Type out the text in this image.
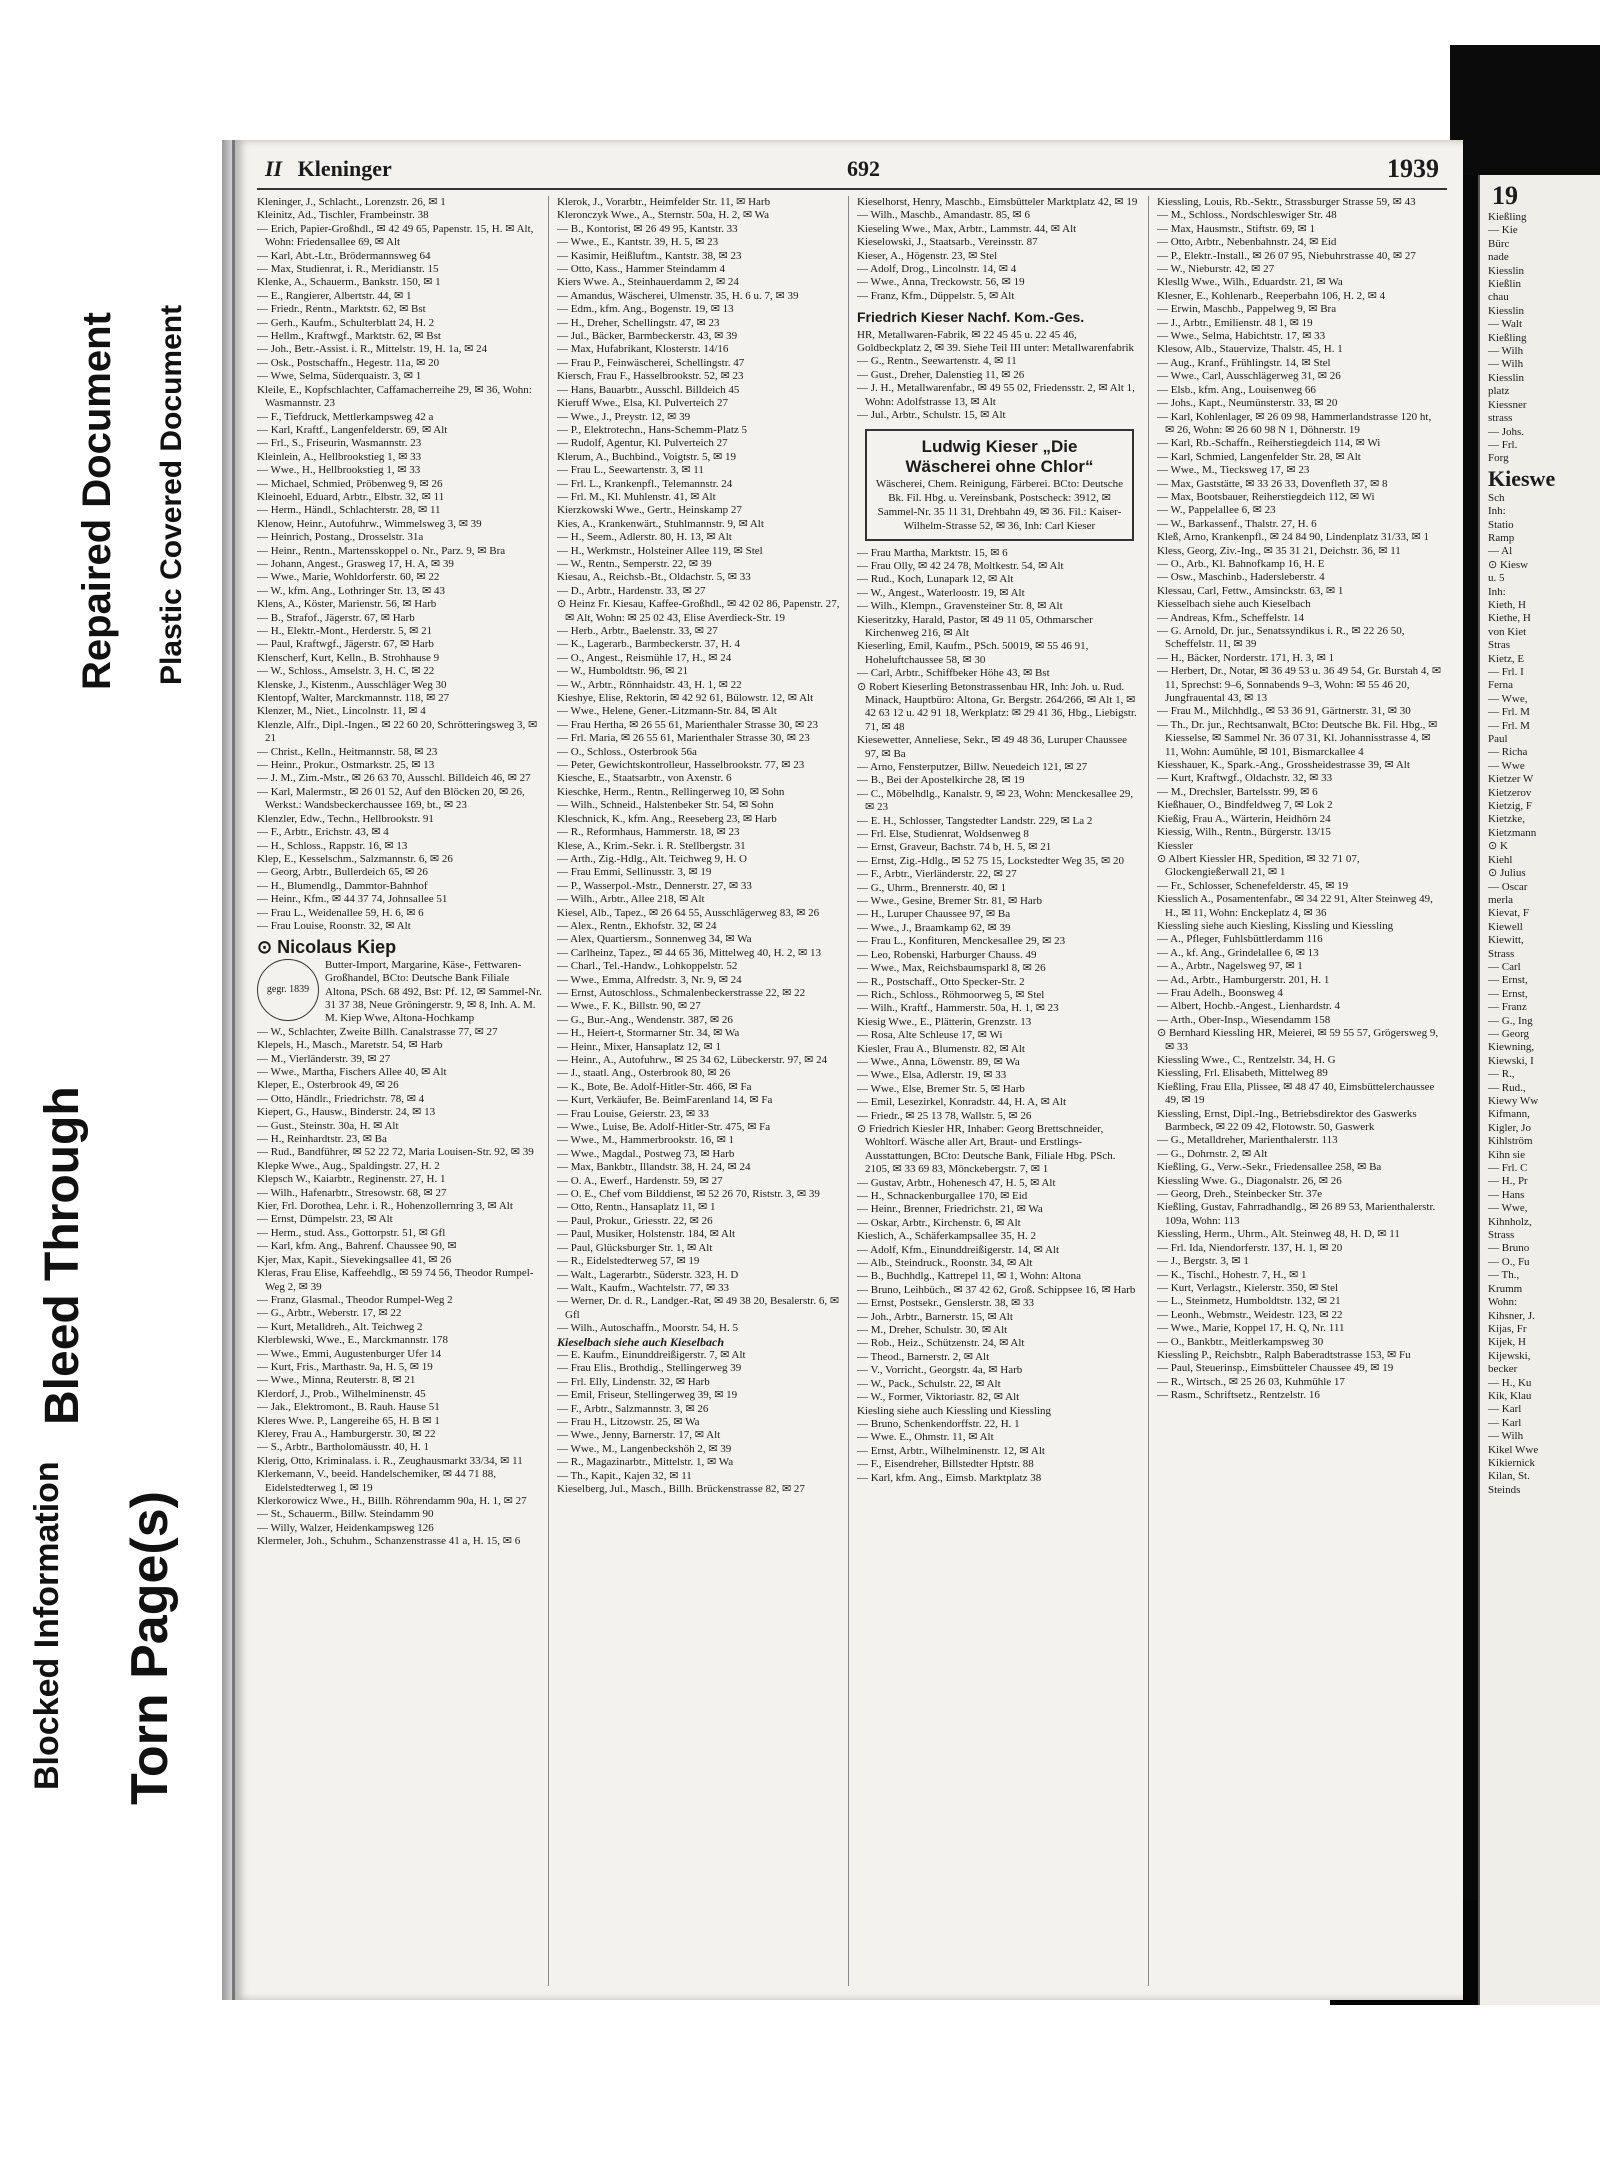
Blocked Information Torn Page(s)
Bleed Through
Repaired Document Plastic Covered Document
II Kleninger	692	1939
Kleninger, J., Schlacht., Lorenzstr. 26, ✉ 1
Kleinitz, Ad., Tischler, Frambeinstr. 38
— Erich, Papier-Großhdl., ✉ 42 49 65, Papenstr. 15, H. ✉ Alt, Wohn: Friedensallee 69, ✉ Alt
— Karl, Abt.-Ltr., Brödermannsweg 64
— Max, Studienrat, i. R., Meridianstr. 15
Klenke, A., Schauerm., Bankstr. 150, ✉ 1
— E., Rangierer, Albertstr. 44, ✉ 1
— Friedr., Rentn., Marktstr. 62, ✉ Bst
— Gerh., Kaufm., Schulterblatt 24, H. 2
— Hellm., Kraftwgf., Marktstr. 62, ✉ Bst
— Joh., Betr.-Assist. i. R., Mittelstr. 19, H. 1a, ✉ 24
— Osk., Postschaffn., Hegestr. 11a, ✉ 20
— Wwe, Selma, Süderquaistr. 3, ✉ 1
Kleile, E., Kopfschlachter, Caffamacherreihe 29, ✉ 36, Wohn: Wasmannstr. 23
— F., Tiefdruck, Mettlerkampsweg 42 a
— Karl, Kraftf., Langenfelderstr. 69, ✉ Alt
— Frl., S., Friseurin, Wasmannstr. 23
Kleinlein, A., Hellbrookstieg 1, ✉ 33
— Wwe., H., Hellbrookstieg 1, ✉ 33
— Michael, Schmied, Pröbenweg 9, ✉ 26
Kleinoehl, Eduard, Arbtr., Elbstr. 32, ✉ 11
— Herm., Händl., Schlachterstr. 28, ✉ 11
Klenow, Heinr., Autofuhrw., Wimmelsweg 3, ✉ 39
— Heinrich, Postang., Drosselstr. 31a
— Heinr., Rentn., Martensskoppel o. Nr., Parz. 9, ✉ Bra
— Johann, Angest., Grasweg 17, H. A, ✉ 39
— Wwe., Marie, Wohldorferstr. 60, ✉ 22
— W., kfm. Ang., Lothringer Str. 13, ✉ 43
Klens, A., Köster, Marienstr. 56, ✉ Harb
— B., Strafof., Jägerstr. 67, ✉ Harb
— H., Elektr.-Mont., Herderstr. 5, ✉ 21
— Paul, Kraftwgf., Jägerstr. 67, ✉ Harb
Klenscherf, Kurt, Kelln., B. Strohhause 9
— W., Schloss., Amselstr. 3, H. C, ✉ 22
Klenske, J., Kistenm., Ausschläger Weg 30
Klentopf, Walter, Marckmannstr. 118, ✉ 27
Klenzer, M., Niet., Lincolnstr. 11, ✉ 4
Klenzle, Alfr., Dipl.-Ingen., ✉ 22 60 20, Schrötteringsweg 3, ✉ 21
— Christ., Kelln., Heitmannstr. 58, ✉ 23
— Heinr., Prokur., Ostmarkstr. 25, ✉ 13
— J. M., Zim.-Mstr., ✉ 26 63 70, Ausschl. Billdeich 46, ✉ 27
— Karl, Malermstr., ✉ 26 01 52, Auf den Blöcken 20, ✉ 26, Werkst.: Wandsbeckerchaussee 169, bt., ✉ 23
Klenzler, Edw., Techn., Hellbrookstr. 91
— F., Arbtr., Erichstr. 43, ✉ 4
— H., Schloss., Rappstr. 16, ✉ 13
Klep, E., Kesselschm., Salzmannstr. 6, ✉ 26
— Georg, Arbtr., Bullerdeich 65, ✉ 26
— H., Blumendlg., Dammtor-Bahnhof
— Heinr., Kfm., ✉ 44 37 74, Johnsallee 51
— Frau L., Weidenallee 59, H. 6, ✉ 6
— Frau Louise, Roonstr. 32, ✉ Alt
⊙ Nicolaus Kiep
gegr. 1839
Butter-Import, Margarine, Käse-, Fettwaren-Großhandel, BCto: Deutsche Bank Filiale Altona, PSch. 68 492, Bst: Pf. 12, ✉ Sammel-Nr. 31 37 38, Neue Gröningerstr. 9, ✉ 8, Inh. A. M. M. Kiep Wwe, Altona-Hochkamp
— W., Schlachter, Zweite Billh. Canalstrasse 77, ✉ 27
Klepels, H., Masch., Maretstr. 54, ✉ Harb
— M., Vierländerstr. 39, ✉ 27
— Wwe., Martha, Fischers Allee 40, ✉ Alt
Kleper, E., Osterbrook 49, ✉ 26
— Otto, Händlr., Friedrichstr. 78, ✉ 4
Kiepert, G., Hausw., Binderstr. 24, ✉ 13
— Gust., Steinstr. 30a, H. ✉ Alt
— H., Reinhardtstr. 23, ✉ Ba
— Rud., Bandführer, ✉ 52 22 72, Maria Louisen-Str. 92, ✉ 39
Klepke Wwe., Aug., Spaldingstr. 27, H. 2
Klepsch W., Kaiarbtr., Reginenstr. 27, H. 1
— Wilh., Hafenarbtr., Stresowstr. 68, ✉ 27
Kier, Frl. Dorothea, Lehr. i. R., Hohenzollernring 3, ✉ Alt
— Ernst, Dümpelstr. 23, ✉ Alt
— Herm., stud. Ass., Gottorpstr. 51, ✉ Gfl
— Karl, kfm. Ang., Bahrenf. Chaussee 90, ✉
Kjer, Max, Kapit., Sievekingsallee 41, ✉ 26
Kleras, Frau Elise, Kaffeehdlg., ✉ 59 74 56, Theodor Rumpel-Weg 2, ✉ 39
— Franz, Glasmal., Theodor Rumpel-Weg 2
— G., Arbtr., Weberstr. 17, ✉ 22
— Kurt, Metalldreh., Alt. Teichweg 2
Klerblewski, Wwe., E., Marckmannstr. 178
— Wwe., Emmi, Augustenburger Ufer 14
— Kurt, Fris., Marthastr. 9a, H. 5, ✉ 19
— Wwe., Minna, Reuterstr. 8, ✉ 21
Klerdorf, J., Prob., Wilhelminenstr. 45
— Jak., Elektromont., B. Rauh. Hause 51
Kleres Wwe. P., Langereihe 65, H. B ✉ 1
Klerey, Frau A., Hamburgerstr. 30, ✉ 22
— S., Arbtr., Bartholomäusstr. 40, H. 1
Klerig, Otto, Kriminalass. i. R., Zeughausmarkt 33/34, ✉ 11
Klerkemann, V., beeid. Handelschemiker, ✉ 44 71 88, Eidelstedterweg 1, ✉ 19
Klerkorowicz Wwe., H., Billh. Röhrendamm 90a, H. 1, ✉ 27
— St., Schauerm., Billw. Steindamm 90
— Willy, Walzer, Heidenkampsweg 126
Klermeler, Joh., Schuhm., Schanzenstrasse 41 a, H. 15, ✉ 6
Klerok, J., Vorarbtr., Heimfelder Str. 11, ✉ Harb
Kleronczyk Wwe., A., Sternstr. 50a, H. 2, ✉ Wa
— B., Kontorist, ✉ 26 49 95, Kantstr. 33
— Wwe., E., Kantstr. 39, H. 5, ✉ 23
— Kasimir, Heißluftm., Kantstr. 38, ✉ 23
— Otto, Kass., Hammer Steindamm 4
Kiers Wwe. A., Steinhauerdamm 2, ✉ 24
— Amandus, Wäscherei, Ulmenstr. 35, H. 6 u. 7, ✉ 39
— Edm., kfm. Ang., Bogenstr. 19, ✉ 13
— H., Dreher, Schellingstr. 47, ✉ 23
— Jul., Bäcker, Barmbeckerstr. 43, ✉ 39
— Max, Hufabrikant, Klosterstr. 14/16
— Frau P., Feinwäscherei, Schellingstr. 47
Kiersch, Frau F., Hasselbrookstr. 52, ✉ 23
— Hans, Bauarbtr., Ausschl. Billdeich 45
Kieruff Wwe., Elsa, Kl. Pulverteich 27
— Wwe., J., Preystr. 12, ✉ 39
— P., Elektrotechn., Hans-Schemm-Platz 5
— Rudolf, Agentur, Kl. Pulverteich 27
Klerum, A., Buchbind., Voigtstr. 5, ✉ 19
— Frau L., Seewartenstr. 3, ✉ 11
— Frl. L., Krankenpfl., Telemannstr. 24
— Frl. M., Kl. Muhlenstr. 41, ✉ Alt
Kierzkowski Wwe., Gertr., Heinskamp 27
Kies, A., Krankenwärt., Stuhlmannstr. 9, ✉ Alt
— H., Seem., Adlerstr. 80, H. 13, ✉ Alt
— H., Werkmstr., Holsteiner Allee 119, ✉ Stel
— W., Rentn., Semperstr. 22, ✉ 39
Kiesau, A., Reichsb.-Bt., Oldachstr. 5, ✉ 33
— D., Arbtr., Hardenstr. 33, ✉ 27
⊙ Heinz Fr. Kiesau, Kaffee-Großhdl., ✉ 42 02 86, Papenstr. 27, ✉ Alt, Wohn: ✉ 25 02 43, Elise Averdieck-Str. 19
— Herb., Arbtr., Baelenstr. 33, ✉ 27
— K., Lagerarb., Barmbeckerstr. 37, H. 4
— O., Angest., Reismühle 17, H., ✉ 24
— W., Humboldtstr. 96, ✉ 21
— W., Arbtr., Rönnhaidstr. 43, H. 1, ✉ 22
Kieshye, Elise, Rektorin, ✉ 42 92 61, Bülowstr. 12, ✉ Alt
— Wwe., Helene, Gener.-Litzmann-Str. 84, ✉ Alt
— Frau Hertha, ✉ 26 55 61, Marienthaler Strasse 30, ✉ 23
— Frl. Maria, ✉ 26 55 61, Marienthaler Strasse 30, ✉ 23
— O., Schloss., Osterbrook 56a
— Peter, Gewichtskontrolleur, Hasselbrookstr. 77, ✉ 23
Kiesche, E., Staatsarbtr., von Axenstr. 6
Kieschke, Herm., Rentn., Rellingerweg 10, ✉ Sohn
— Wilh., Schneid., Halstenbeker Str. 54, ✉ Sohn
Kleschnick, K., kfm. Ang., Reeseberg 23, ✉ Harb
— R., Reformhaus, Hammerstr. 18, ✉ 23
Klese, A., Krim.-Sekr. i. R. Stellbergstr. 31
— Arth., Zig.-Hdlg., Alt. Teichweg 9, H. O
— Frau Emmi, Sellinusstr. 3, ✉ 19
— P., Wasserpol.-Mstr., Dennerstr. 27, ✉ 33
— Wilh., Arbtr., Allee 218, ✉ Alt
Kiesel, Alb., Tapez., ✉ 26 64 55, Ausschlägerweg 83, ✉ 26
— Alex., Rentn., Ekhofstr. 32, ✉ 24
— Alex, Quartiersm., Sonnenweg 34, ✉ Wa
— Carlheinz, Tapez., ✉ 44 65 36, Mittelweg 40, H. 2, ✉ 13
— Charl., Tel.-Handw., Lohkoppelstr. 52
— Wwe., Emma, Alfredstr. 3, Nr. 9, ✉ 24
— Ernst, Autoschloss., Schmalenbeckerstrasse 22, ✉ 22
— Wwe., F. K., Billstr. 90, ✉ 27
— G., Bur.-Ang., Wendenstr. 387, ✉ 26
— H., Heiert-t, Stormarner Str. 34, ✉ Wa
— Heinr., Mixer, Hansaplatz 12, ✉ 1
— Heinr., A., Autofuhrw., ✉ 25 34 62, Lübeckerstr. 97, ✉ 24
— J., staatl. Ang., Osterbrook 80, ✉ 26
— K., Bote, Be. Adolf-Hitler-Str. 466, ✉ Fa
— Kurt, Verkäufer, Be. BeimFarenland 14, ✉ Fa
— Frau Louise, Geierstr. 23, ✉ 33
— Wwe., Luise, Be. Adolf-Hitler-Str. 475, ✉ Fa
— Wwe., M., Hammerbrookstr. 16, ✉ 1
— Wwe., Magdal., Postweg 73, ✉ Harb
— Max, Bankbtr., Illandstr. 38, H. 24, ✉ 24
— O. A., Ewerf., Hardenstr. 59, ✉ 27
— O. E., Chef vom Bilddienst, ✉ 52 26 70, Riststr. 3, ✉ 39
— Otto, Rentn., Hansaplatz 11, ✉ 1
— Paul, Prokur., Griesstr. 22, ✉ 26
— Paul, Musiker, Holstenstr. 184, ✉ Alt
— Paul, Glücksburger Str. 1, ✉ Alt
— R., Eidelstedterweg 57, ✉ 19
— Walt., Lagerarbtr., Süderstr. 323, H. D
— Walt., Kaufm., Wachtelstr. 77, ✉ 33
— Werner, Dr. d. R., Landger.-Rat, ✉ 49 38 20, Besalerstr. 6, ✉ Gfl
— Wilh., Autoschaffn., Moorstr. 54, H. 5
Kieselbach siehe auch Kieselbach
— E. Kaufm., Einunddreißigerstr. 7, ✉ Alt
— Frau Elis., Brothdig., Stellingerweg 39
— Frl. Elly, Lindenstr. 32, ✉ Harb
— Emil, Friseur, Stellingerweg 39, ✉ 19
— F., Arbtr., Salzmannstr. 3, ✉ 26
— Frau H., Litzowstr. 25, ✉ Wa
— Wwe., Jenny, Barnerstr. 17, ✉ Alt
— Wwe., M., Langenbeckshöh 2, ✉ 39
— R., Magazinarbtr., Mittelstr. 1, ✉ Wa
— Th., Kapit., Kajen 32, ✉ 11
Kieselberg, Jul., Masch., Billh. Brückenstrasse 82, ✉ 27
Kieselhorst, Henry, Maschb., Eimsbütteler Marktplatz 42, ✉ 19
— Wilh., Maschb., Amandastr. 85, ✉ 6
Kieseling Wwe., Max, Arbtr., Lammstr. 44, ✉ Alt
Kieselowski, J., Staatsarb., Vereinsstr. 87
Kieser, A., Högenstr. 23, ✉ Stel
— Adolf, Drog., Lincolnstr. 14, ✉ 4
— Wwe., Anna, Treckowstr. 56, ✉ 19
— Franz, Kfm., Düppelstr. 5, ✉ Alt
Friedrich Kieser Nachf. Kom.-Ges.
HR, Metallwaren-Fabrik, ✉ 22 45 45 u. 22 45 46, Goldbeckplatz 2, ✉ 39. Siehe Teil III unter: Metallwarenfabrik
— G., Rentn., Seewartenstr. 4, ✉ 11
— Gust., Dreher, Dalenstieg 11, ✉ 26
— J. H., Metallwarenfabr., ✉ 49 55 02, Friedensstr. 2, ✉ Alt 1, Wohn: Adolfstrasse 13, ✉ Alt
— Jul., Arbtr., Schulstr. 15, ✉ Alt
Ludwig Kieser „Die
Wäscherei ohne Chlor“
Wäscherei, Chem. Reinigung, Färberei. BCto: Deutsche Bk. Fil. Hbg. u. Vereinsbank, Postscheck: 3912, ✉ Sammel-Nr. 35 11 31, Drehbahn 49, ✉ 36. Fil.: Kaiser-Wilhelm-Strasse 52, ✉ 36, Inh: Carl Kieser
— Frau Martha, Marktstr. 15, ✉ 6
— Frau Olly, ✉ 42 24 78, Moltkestr. 54, ✉ Alt
— Rud., Koch, Lunapark 12, ✉ Alt
— W., Angest., Waterloostr. 19, ✉ Alt
— Wilh., Klempn., Gravensteiner Str. 8, ✉ Alt
Kieseritzky, Harald, Pastor, ✉ 49 11 05, Othmarscher Kirchenweg 216, ✉ Alt
Kieserling, Emil, Kaufm., PSch. 50019, ✉ 55 46 91, Hoheluftchaussee 58, ✉ 30
— Carl, Arbtr., Schiffbeker Höhe 43, ✉ Bst
⊙ Robert Kieserling Betonstrassenbau HR, Inh: Joh. u. Rud. Minack, Hauptbüro: Altona, Gr. Bergstr. 264/266, ✉ Alt 1, ✉ 42 63 12 u. 42 91 18, Werkplatz: ✉ 29 41 36, Hbg., Liebigstr. 71, ✉ 48
Kiesewetter, Anneliese, Sekr., ✉ 49 48 36, Luruper Chaussee 97, ✉ Ba
— Arno, Fensterputzer, Billw. Neuedeich 121, ✉ 27
— B., Bei der Apostelkirche 28, ✉ 19
— C., Möbelhdlg., Kanalstr. 9, ✉ 23, Wohn: Menckesallee 29, ✉ 23
— E. H., Schlosser, Tangstedter Landstr. 229, ✉ La 2
— Frl. Else, Studienrat, Woldsenweg 8
— Ernst, Graveur, Bachstr. 74 b, H. 5, ✉ 21
— Ernst, Zig.-Hdlg., ✉ 52 75 15, Lockstedter Weg 35, ✉ 20
— F., Arbtr., Vierländerstr. 22, ✉ 27
— G., Uhrm., Brennerstr. 40, ✉ 1
— Wwe., Gesine, Bremer Str. 81, ✉ Harb
— H., Luruper Chaussee 97, ✉ Ba
— Wwe., J., Braamkamp 62, ✉ 39
— Frau L., Konfituren, Menckesallee 29, ✉ 23
— Leo, Robenski, Harburger Chauss. 49
— Wwe., Max, Reichsbaumsparkl 8, ✉ 26
— R., Postschaff., Otto Specker-Str. 2
— Rich., Schloss., Röhmoorweg 5, ✉ Stel
— Wilh., Kraftf., Hammerstr. 50a, H. 1, ✉ 23
Kiesig Wwe., E., Plätterin, Grenzstr. 13
— Rosa, Alte Schleuse 17, ✉ Wi
Kiesler, Frau A., Blumenstr. 82, ✉ Alt
— Wwe., Anna, Löwenstr. 89, ✉ Wa
— Wwe., Elsa, Adlerstr. 19, ✉ 33
— Wwe., Else, Bremer Str. 5, ✉ Harb
— Emil, Lesezirkel, Konradstr. 44, H. A, ✉ Alt
— Friedr., ✉ 25 13 78, Wallstr. 5, ✉ 26
⊙ Friedrich Kiesler HR, Inhaber: Georg Brettschneider, Wohltorf. Wäsche aller Art, Braut- und Erstlings-Ausstattungen, BCto: Deutsche Bank, Filiale Hbg. PSch. 2105, ✉ 33 69 83, Mönckebergstr. 7, ✉ 1
— Gustav, Arbtr., Hohenesch 47, H. 5, ✉ Alt
— H., Schnackenburgallee 170, ✉ Eid
— Heinr., Brenner, Friedrichstr. 21, ✉ Wa
— Oskar, Arbtr., Kirchenstr. 6, ✉ Alt
Kieslich, A., Schäferkampsallee 35, H. 2
— Adolf, Kfm., Einunddreißigerstr. 14, ✉ Alt
— Alb., Steindruck., Roonstr. 34, ✉ Alt
— B., Buchhdlg., Kattrepel 11, ✉ 1, Wohn: Altona
— Bruno, Leihbüch., ✉ 37 42 62, Groß. Schippsee 16, ✉ Harb
— Ernst, Postsekr., Genslerstr. 38, ✉ 33
— Joh., Arbtr., Barnerstr. 15, ✉ Alt
— M., Dreher, Schulstr. 30, ✉ Alt
— Rob., Heiz., Schützenstr. 24, ✉ Alt
— Theod., Barnerstr. 2, ✉ Alt
— V., Vorricht., Georgstr. 4a, ✉ Harb
— W., Pack., Schulstr. 22, ✉ Alt
— W., Former, Viktoriastr. 82, ✉ Alt
Kiesling siehe auch Kiessling und Kiessling
— Bruno, Schenkendorffstr. 22, H. 1
— Wwe. E., Ohmstr. 11, ✉ Alt
— Ernst, Arbtr., Wilhelminenstr. 12, ✉ Alt
— F., Eisendreher, Billstedter Hptstr. 88
— Karl, kfm. Ang., Eimsb. Marktplatz 38
Kiessling, Louis, Rb.-Sektr., Strassburger Strasse 59, ✉ 43
— M., Schloss., Nordschleswiger Str. 48
— Max, Hausmstr., Stiftstr. 69, ✉ 1
— Otto, Arbtr., Nebenbahnstr. 24, ✉ Eid
— P., Elektr.-Install., ✉ 26 07 95, Niebuhrstrasse 40, ✉ 27
— W., Nieburstr. 42, ✉ 27
Klesllg Wwe., Wilh., Eduardstr. 21, ✉ Wa
Klesner, E., Kohlenarb., Reeperbahn 106, H. 2, ✉ 4
— Erwin, Maschb., Pappelweg 9, ✉ Bra
— J., Arbtr., Emilienstr. 48 1, ✉ 19
— Wwe., Selma, Habichtstr. 17, ✉ 33
Klesow, Alb., Stauervize, Thalstr. 45, H. 1
— Aug., Kranf., Frühlingstr. 14, ✉ Stel
— Wwe., Carl, Ausschlägerweg 31, ✉ 26
— Elsb., kfm. Ang., Louisenweg 66
— Johs., Kapt., Neumünsterstr. 33, ✉ 20
— Karl, Kohlenlager, ✉ 26 09 98, Hammerlandstrasse 120 ht, ✉ 26, Wohn: ✉ 26 60 98 N 1, Döhnerstr. 19
— Karl, Rb.-Schaffn., Reiherstiegdeich 114, ✉ Wi
— Karl, Schmied, Langenfelder Str. 28, ✉ Alt
— Wwe., M., Tiecksweg 17, ✉ 23
— Max, Gaststätte, ✉ 33 26 33, Dovenfleth 37, ✉ 8
— Max, Bootsbauer, Reiherstiegdeich 112, ✉ Wi
— W., Pappelallee 6, ✉ 23
— W., Barkassenf., Thalstr. 27, H. 6
Kleß, Arno, Krankenpfl., ✉ 24 84 90, Lindenplatz 31/33, ✉ 1
Kless, Georg, Ziv.-Ing., ✉ 35 31 21, Deichstr. 36, ✉ 11
— O., Arb., Kl. Bahnofkamp 16, H. E
— Osw., Maschinb., Hadersleberstr. 4
Klessau, Carl, Fettw., Amsinckstr. 63, ✉ 1
Kiesselbach siehe auch Kieselbach
— Andreas, Kfm., Scheffelstr. 14
— G. Arnold, Dr. jur., Senatssyndikus i. R., ✉ 22 26 50, Scheffelstr. 11, ✉ 39
— H., Bäcker, Norderstr. 171, H. 3, ✉ 1
— Herbert, Dr., Notar, ✉ 36 49 53 u. 36 49 54, Gr. Burstah 4, ✉ 11, Sprechst: 9–6, Sonnabends 9–3, Wohn: ✉ 55 46 20, Jungfrauental 43, ✉ 13
— Frau M., Milchhdlg., ✉ 53 36 91, Gärtnerstr. 31, ✉ 30
— Th., Dr. jur., Rechtsanwalt, BCto: Deutsche Bk. Fil. Hbg., ✉ Kiesselse, ✉ Sammel Nr. 36 07 31, Kl. Johannisstrasse 4, ✉ 11, Wohn: Aumühle, ✉ 101, Bismarckallee 4
Kiesshauer, K., Spark.-Ang., Grossheidestrasse 39, ✉ Alt
— Kurt, Kraftwgf., Oldachstr. 32, ✉ 33
— M., Drechsler, Bartelsstr. 99, ✉ 6
Kießhauer, O., Bindfeldweg 7, ✉ Lok 2
Kießig, Frau A., Wärterin, Heidhörn 24
Kiessig, Wilh., Rentn., Bürgerstr. 13/15
Kiessler
⊙ Albert Kiessler HR, Spedition, ✉ 32 71 07, Glockengießerwall 21, ✉ 1
— Fr., Schlosser, Schenefelderstr. 45, ✉ 19
Kiesslich A., Posamentenfabr., ✉ 34 22 91, Alter Steinweg 49, H., ✉ 11, Wohn: Enckeplatz 4, ✉ 36
Kiessling siehe auch Kiesling, Kissling und Kiessling
— A., Pfleger, Fuhlsbüttlerdamm 116
— A., kf. Ang., Grindelallee 6, ✉ 13
— A., Arbtr., Nagelsweg 97, ✉ 1
— Ad., Arbtr., Hamburgerstr. 201, H. 1
— Frau Adelh., Boonsweg 4
— Albert, Hochb.-Angest., Lienhardstr. 4
— Arth., Ober-Insp., Wiesendamm 158
⊙ Bernhard Kiessling HR, Meierei, ✉ 59 55 57, Grögersweg 9, ✉ 33
Kiessling Wwe., C., Rentzelstr. 34, H. G
Kiessling, Frl. Elisabeth, Mittelweg 89
Kießling, Frau Ella, Plissee, ✉ 48 47 40, Eimsbüttelerchaussee 49, ✉ 19
Kiessling, Ernst, Dipl.-Ing., Betriebsdirektor des Gaswerks Barmbeck, ✉ 22 09 42, Flotowstr. 50, Gaswerk
— G., Metalldreher, Marienthalerstr. 113
— G., Dohrnstr. 2, ✉ Alt
Kießling, G., Verw.-Sekr., Friedensallee 258, ✉ Ba
Kiessling Wwe. G., Diagonalstr. 26, ✉ 26
— Georg, Dreh., Steinbecker Str. 37e
Kießling, Gustav, Fahrradhandlg., ✉ 26 89 53, Marienthalerstr. 109a, Wohn: 113
Kiessling, Herm., Uhrm., Alt. Steinweg 48, H. D, ✉ 11
— Frl. Ida, Niendorferstr. 137, H. 1, ✉ 20
— J., Bergstr. 3, ✉ 1
— K., Tischl., Hohestr. 7, H., ✉ 1
— Kurt, Verlagstr., Kielerstr. 350, ✉ Stel
— L., Steinmetz, Humboldtstr. 132, ✉ 21
— Leonh., Webmstr., Weidestr. 123, ✉ 22
— Wwe., Marie, Koppel 17, H. Q, Nr. 111
— O., Bankbtr., Meitlerkampsweg 30
Kiessling P., Reichsbtr., Ralph Baberadtstrasse 153, ✉ Fu
— Paul, Steuerinsp., Eimsbütteler Chaussee 49, ✉ 19
— R., Wirtsch., ✉ 25 26 03, Kuhmühle 17
— Rasm., Schriftsetz., Rentzelstr. 16
19
Kießling
— Kie
Bürc
nade
Kiesslin
Kießlin
chau
Kiesslin
— Walt
Kießling
— Wilh
— Wilh
Kiesslin
platz
Kiessner
strass
— Johs.
— Frl.
Forg
Kieswe
Sch
Inh:
Statio
Ramp
— Al
⊙ Kiesw
u. 5
Inh:
Kieth, H
Kiethe, H
von Kiet
Stras
Kietz, E
— Frl. I
Ferna
— Wwe,
— Frl. M
— Frl. M
Paul
— Richa
— Wwe
Kietzer W
Kietzerov
Kietzig, F
Kietzke,
Kietzmann
⊙ K
Kiehl
⊙ Julius
— Oscar
merla
Kievat, F
Kiewell
Kiewitt,
Strass
— Carl
— Ernst,
— Ernst,
— Franz
— G., Ing
— Georg
Kiewning,
Kiewski, I
— R.,
— Rud.,
Kiewy Ww
Kifmann,
Kigler, Jo
Kihlström
Kihn sie
— Frl. C
— H., Pr
— Hans
— Wwe,
Kihnholz,
Strass
— Bruno
— O., Fu
— Th.,
Krumm
Wohn:
Kihsner, J.
Kijas, Fr
Kijek, H
Kijewski,
becker
— H., Ku
Kik, Klau
— Karl
— Karl
— Wilh
Kikel Wwe
Kikiernick
Kilan, St.
Steinds
